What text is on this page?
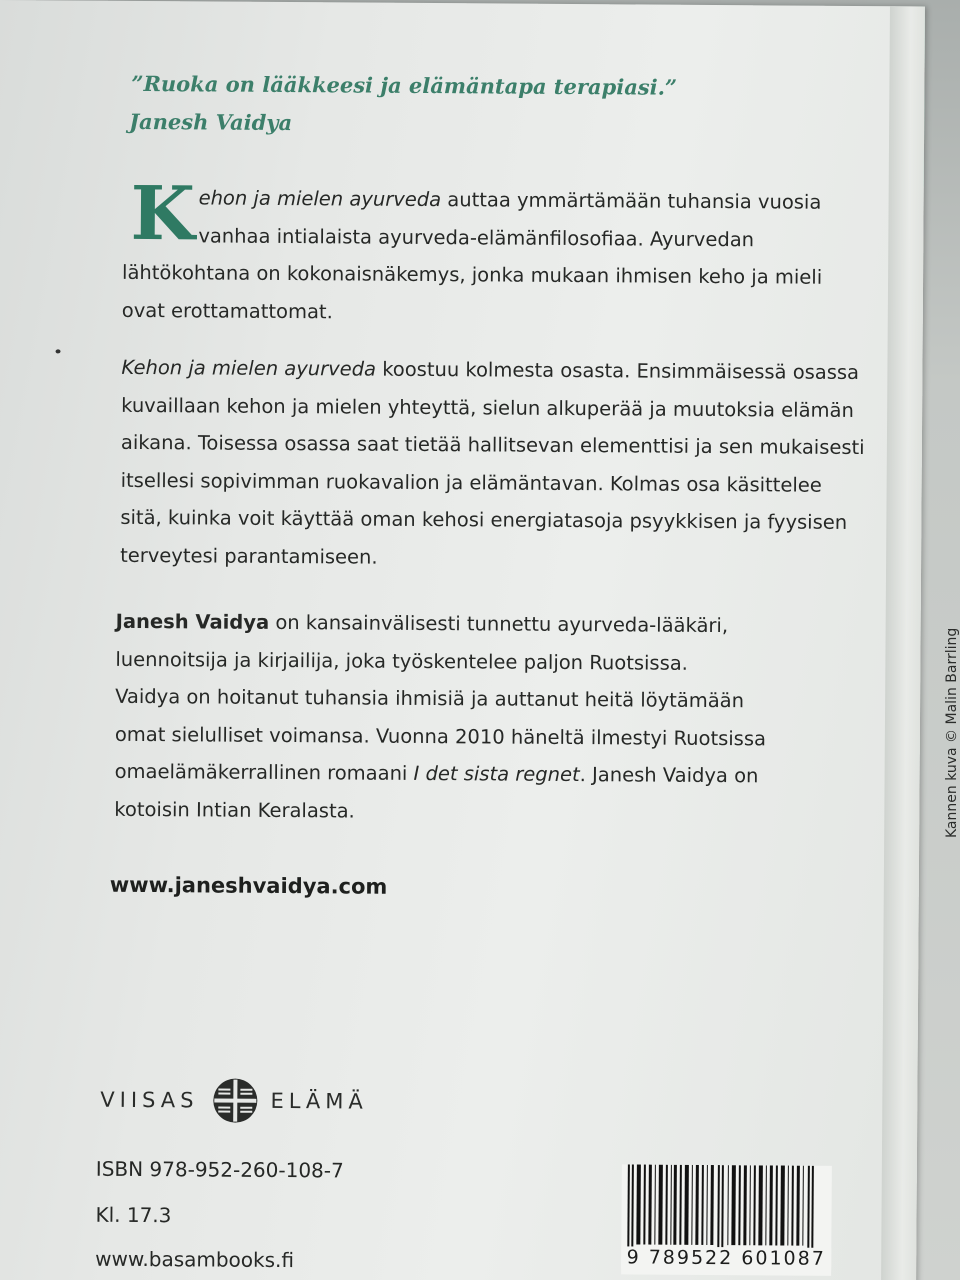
”Ruoka on lääkkeesi ja elämäntapa terapiasi.”
Janesh Vaidya
K ehon ja mielen ayurveda auttaa ymmärtämään tuhansia vuosia
vanhaa intialaista ayurveda-elämänfilosofiaa. Ayurvedan
lähtökohtana on kokonaisnäkemys, jonka mukaan ihmisen keho ja mieli
ovat erottamattomat.
Kehon ja mielen ayurveda koostuu kolmesta osasta. Ensimmäisessä osassa
kuvaillaan kehon ja mielen yhteyttä, sielun alkuperää ja muutoksia elämän
aikana. Toisessa osassa saat tietää hallitsevan elementtisi ja sen mukaisesti
itsellesi sopivimman ruokavalion ja elämäntavan. Kolmas osa käsittelee
sitä, kuinka voit käyttää oman kehosi energiatasoja psyykkisen ja fyysisen
terveytesi parantamiseen.
Janesh Vaidya on kansainvälisesti tunnettu ayurveda-lääkäri,
luennoitsija ja kirjailija, joka työskentelee paljon Ruotsissa.
Vaidya on hoitanut tuhansia ihmisiä ja auttanut heitä löytämään
omat sielulliset voimansa. Vuonna 2010 häneltä ilmestyi Ruotsissa
omaelämäkerrallinen romaani I det sista regnet. Janesh Vaidya on
kotoisin Intian Keralasta.
www.janeshvaidya.com
VIISAS	ELÄMÄ
ISBN 978-952-260-108-7
Kl. 17.3
www.basambooks.fi	9 789522 601087
Kannen kuva © Malin Barrling
